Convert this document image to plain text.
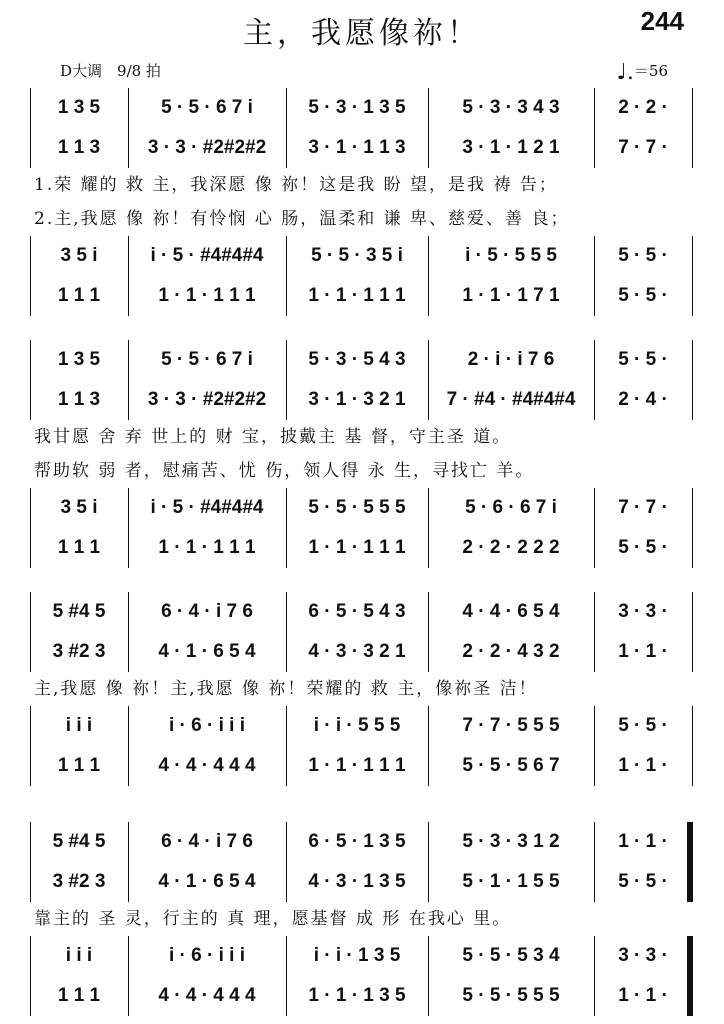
主，我愿像祢！	244
D大调　9/8 拍	♩.＝56
1 3 5	5 · 5 · 6 7 i	5 · 3 · 1 3 5	5 · 3 · 3 4 3	2 · 2 ·
1 1 3	3 · 3 · #2#2#2	3 · 1 · 1 1 3	3 · 1 · 1 2 1	7 · 7 ·
1.荣 耀的 救 主，我深愿 像 祢！这是我 盼 望，是我 祷 告；
2.主,我愿 像 祢！有怜悯 心 肠，温柔和 谦 卑、慈爱、善 良；
3 5 i	i · 5 · #4#4#4	5 · 5 · 3 5 i	i · 5 · 5 5 5	5 · 5 ·
1 1 1	1 · 1 · 1 1 1	1 · 1 · 1 1 1	1 · 1 · 1 7 1	5 · 5 ·
1 3 5	5 · 5 · 6 7 i	5 · 3 · 5 4 3	2 · i · i 7 6	5 · 5 ·
1 1 3	3 · 3 · #2#2#2	3 · 1 · 3 2 1	7 · #4 · #4#4#4	2 · 4 ·
我甘愿 舍 弃 世上的 财 宝，披戴主 基 督，守主圣 道。
帮助软 弱 者，慰痛苦、忧 伤，领人得 永 生，寻找亡 羊。
3 5 i	i · 5 · #4#4#4	5 · 5 · 5 5 5	5 · 6 · 6 7 i	7 · 7 ·
1 1 1	1 · 1 · 1 1 1	1 · 1 · 1 1 1	2 · 2 · 2 2 2	5 · 5 ·
5 #4 5	6 · 4 · i 7 6	6 · 5 · 5 4 3	4 · 4 · 6 5 4	3 · 3 ·
3 #2 3	4 · 1 · 6 5 4	4 · 3 · 3 2 1	2 · 2 · 4 3 2	1 · 1 ·
主,我愿 像 祢！主,我愿 像 祢！荣耀的 救 主，像祢圣 洁！
i i i	i · 6 · i i i	i · i · 5 5 5	7 · 7 · 5 5 5	5 · 5 ·
1 1 1	4 · 4 · 4 4 4	1 · 1 · 1 1 1	5 · 5 · 5 6 7	1 · 1 ·
5 #4 5	6 · 4 · i 7 6	6 · 5 · 1 3 5	5 · 3 · 3 1 2	1 · 1 ·
3 #2 3	4 · 1 · 6 5 4	4 · 3 · 1 3 5	5 · 1 · 1 5 5	5 · 5 ·
靠主的 圣 灵，行主的 真 理，愿基督 成 形 在我心 里。
i i i	i · 6 · i i i	i · i · 1 3 5	5 · 5 · 5 3 4	3 · 3 ·
1 1 1	4 · 4 · 4 4 4	1 · 1 · 1 3 5	5 · 5 · 5 5 5	1 · 1 ·
